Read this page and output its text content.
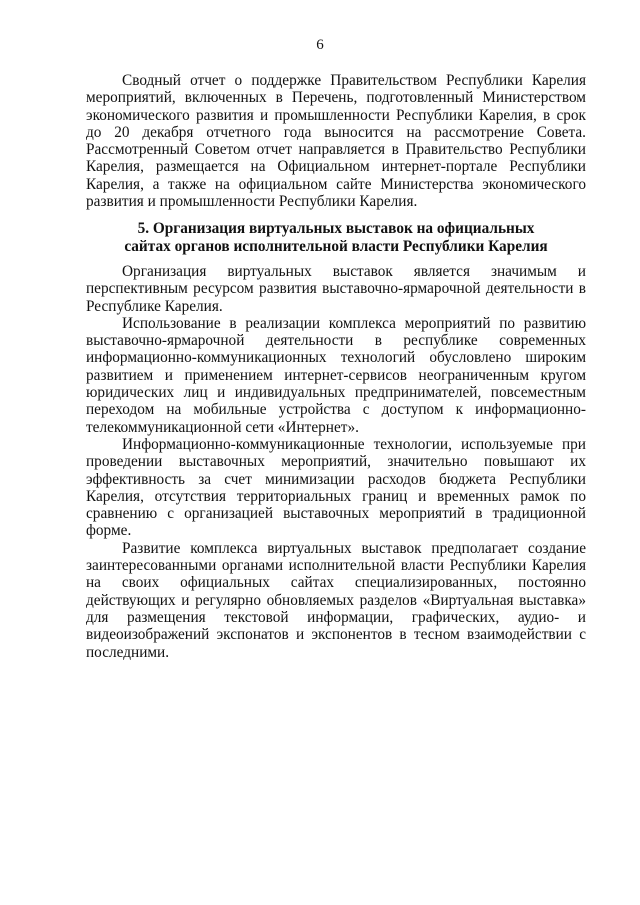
6

Сводный отчет о поддержке Правительством Республики Карелия мероприятий, включенных в Перечень, подготовленный Министерством экономического развития и промышленности Республики Карелия, в срок до 20 декабря отчетного года выносится на рассмотрение Совета. Рассмотренный Советом отчет направляется в Правительство Республики Карелия, размещается на Официальном интернет-портале Республики Карелия, а также на официальном сайте Министерства экономического развития и промышленности Республики Карелия.

5. Организация виртуальных выставок на официальных
сайтах органов исполнительной власти Республики Карелия

Организация виртуальных выставок является значимым и перспективным ресурсом развития выставочно-ярмарочной деятельности в Республике Карелия.

Использование в реализации комплекса мероприятий по развитию выставочно-ярмарочной деятельности в республике современных информационно-коммуникационных технологий обусловлено широким развитием и применением интернет-сервисов неограниченным кругом юридических лиц и индивидуальных предпринимателей, повсеместным переходом на мобильные устройства с доступом к информационно-телекоммуникационной сети «Интернет».

Информационно-коммуникационные технологии, используемые при проведении выставочных мероприятий, значительно повышают их эффективность за счет минимизации расходов бюджета Республики Карелия, отсутствия территориальных границ и временных рамок по сравнению с организацией выставочных мероприятий в традиционной форме.

Развитие комплекса виртуальных выставок предполагает создание заинтересованными органами исполнительной власти Республики Карелия на своих официальных сайтах специализированных, постоянно действующих и регулярно обновляемых разделов «Виртуальная выставка» для размещения текстовой информации, графических, аудио- и видеоизображений экспонатов и экспонентов в тесном взаимодействии с последними.
